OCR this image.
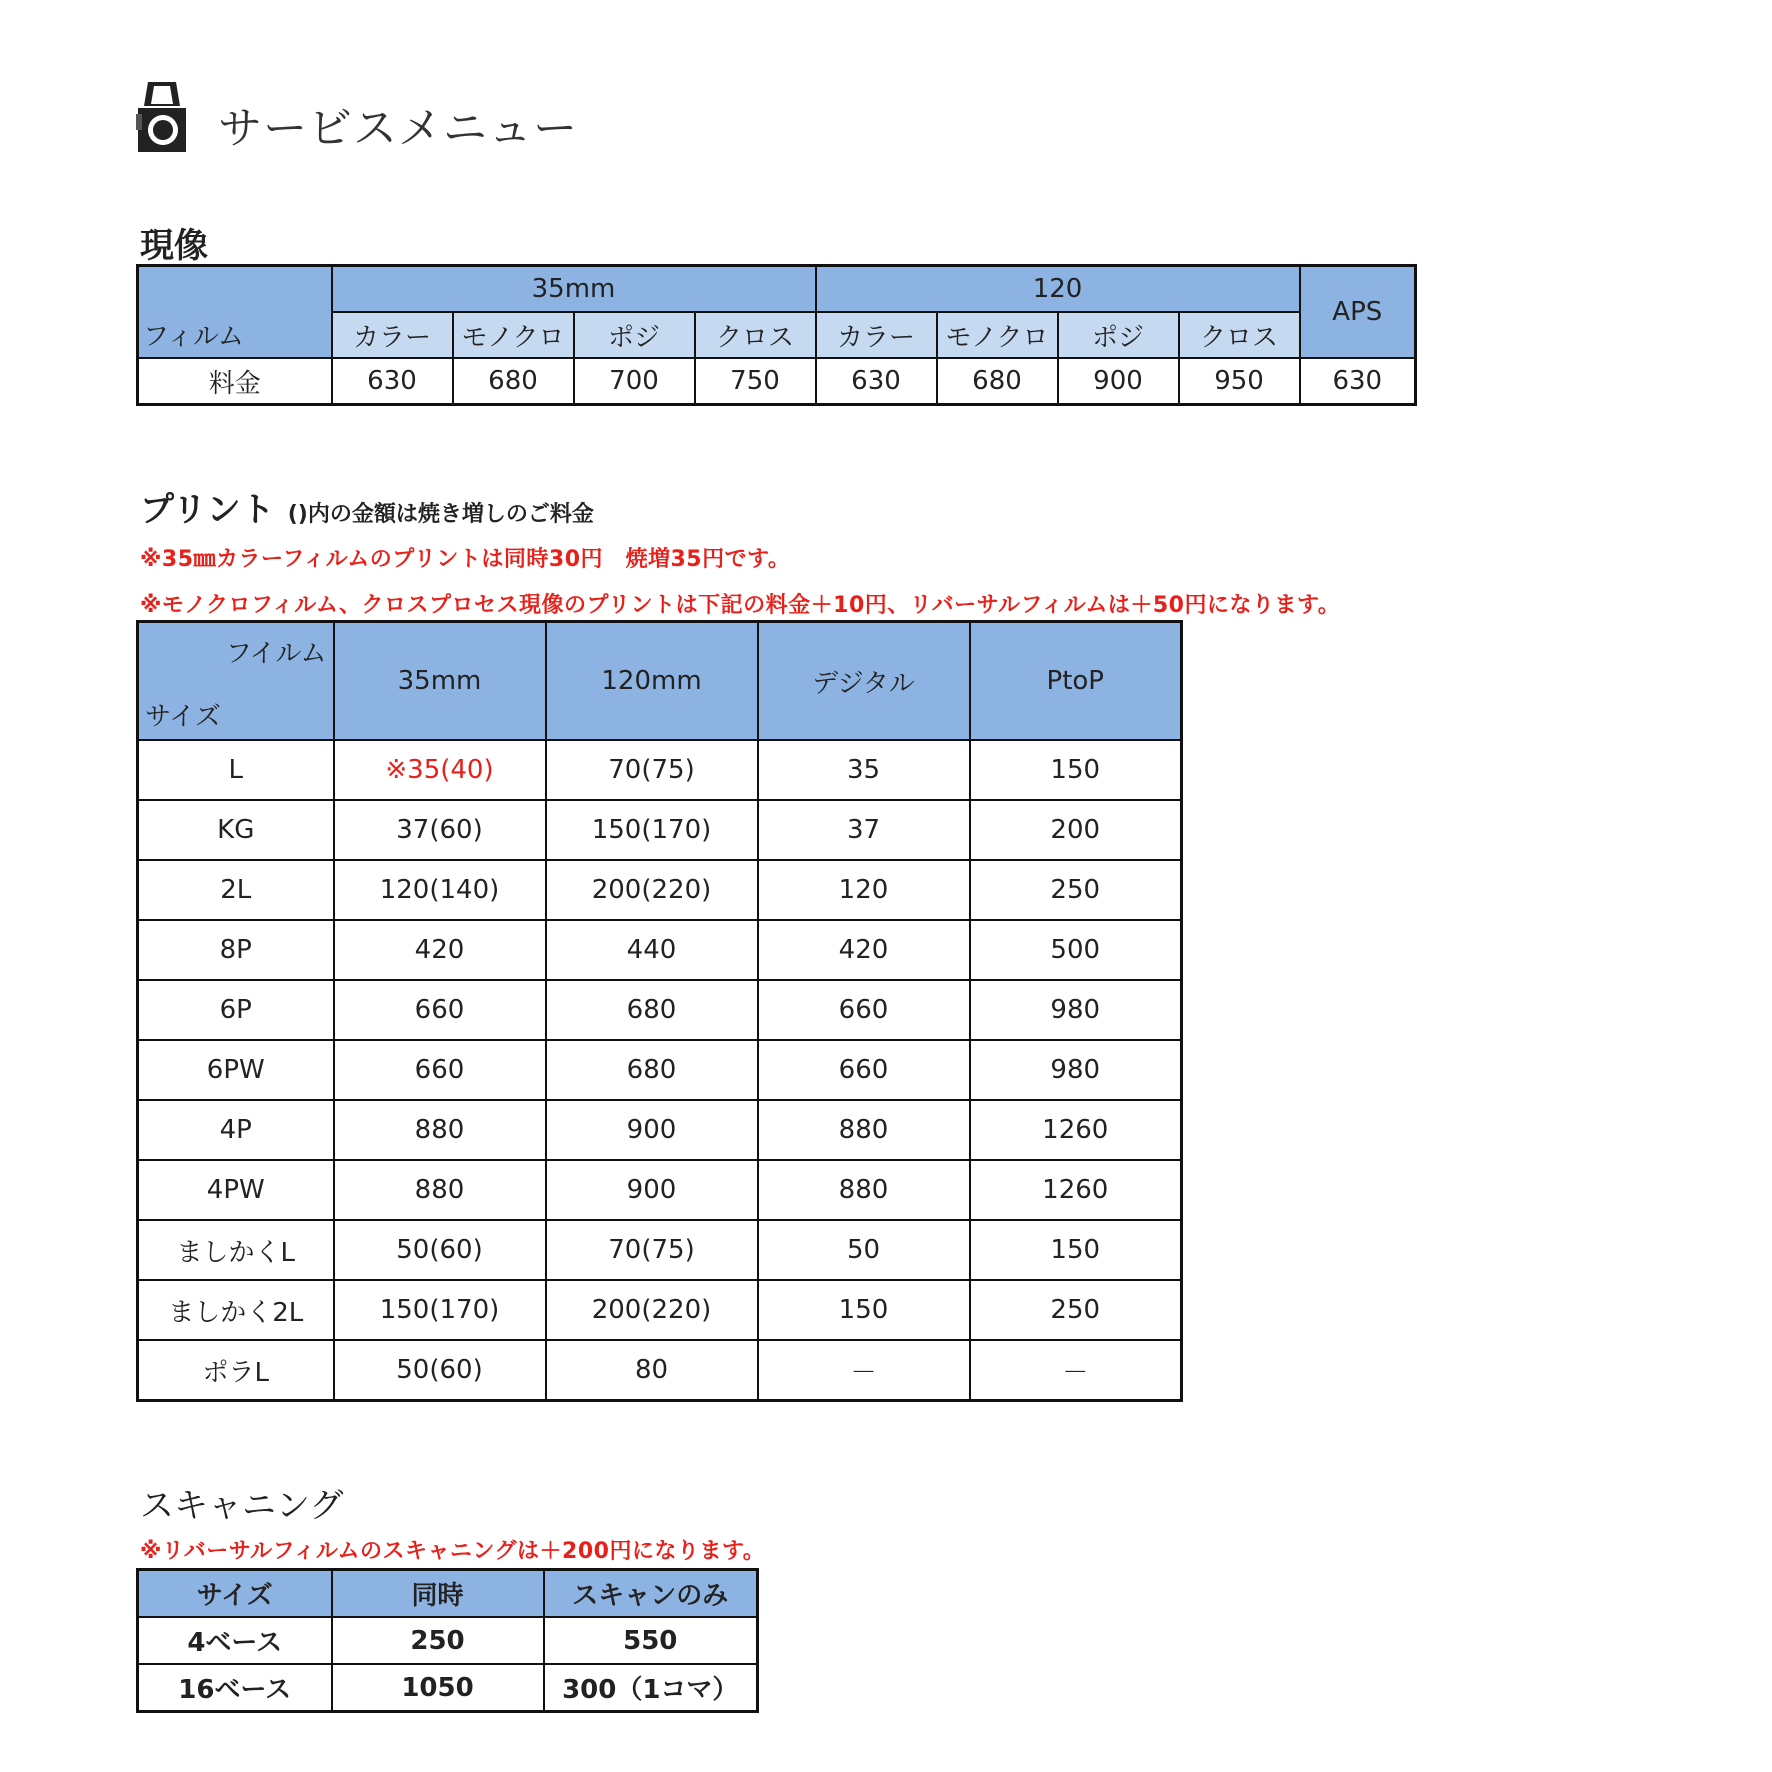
サービスメニュー
現像
フィルム	35mm				120				APS
	カラー	モノクロ	ポジ	クロス	カラー	モノクロ	ポジ	クロス	
料金	630	680	700	750	630	680	900	950	630
プリント ()内の金額は焼き増しのご料金
※35㎜カラーフィルムのプリントは同時30円　焼増35円です。
※モノクロフィルム、クロスプロセス現像のプリントは下記の料金＋10円、リバーサルフィルムは＋50円になります。
フイルム
サイズ	35mm	120mm	デジタル	PtoP
L	※35(40)	70(75)	35	150
KG	37(60)	150(170)	37	200
2L	120(140)	200(220)	120	250
8P	420	440	420	500
6P	660	680	660	980
6PW	660	680	660	980
4P	880	900	880	1260
4PW	880	900	880	1260
ましかくL	50(60)	70(75)	50	150
ましかく2L	150(170)	200(220)	150	250
ポラL	50(60)	80	－	－
スキャニング
※リバーサルフィルムのスキャニングは＋200円になります。
サイズ	同時	スキャンのみ
4ベース	250	550
16ベース	1050	300（1コマ）
